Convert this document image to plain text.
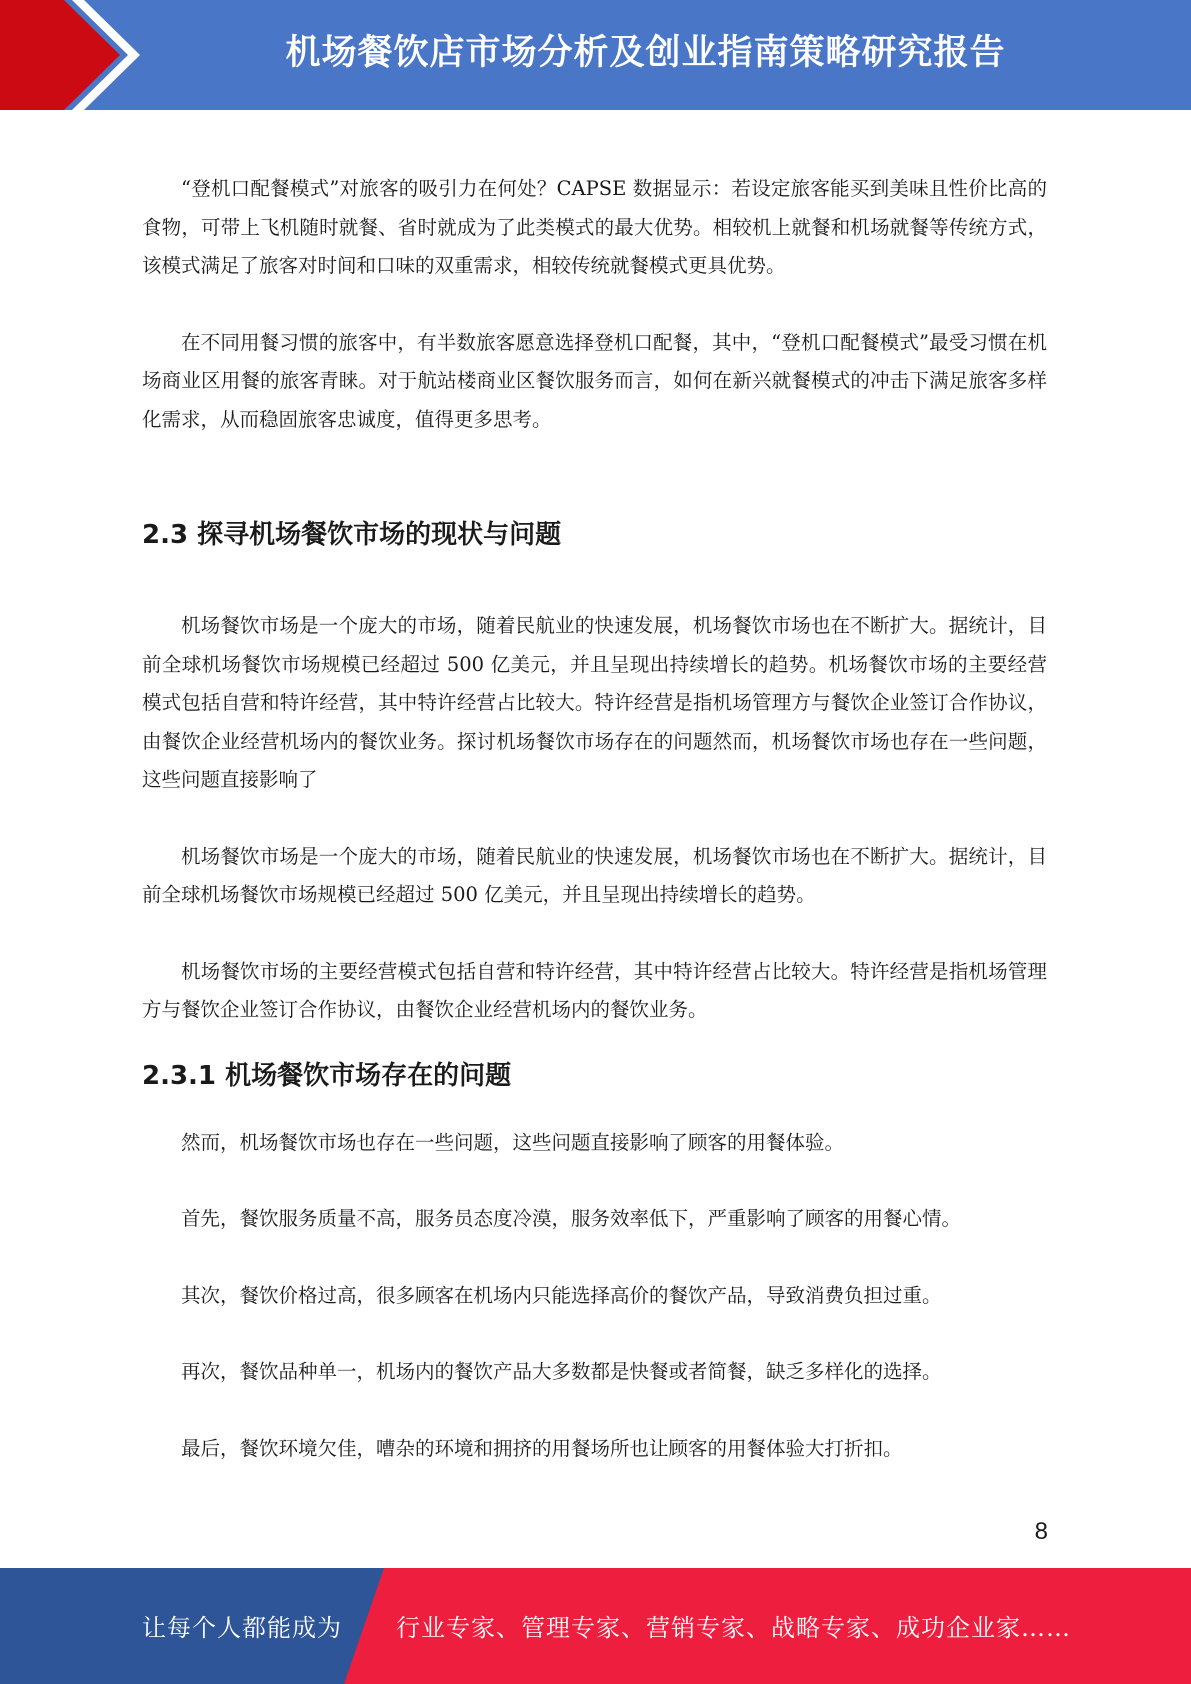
机场餐饮店市场分析及创业指南策略研究报告

“登机口配餐模式”对旅客的吸引力在何处？CAPSE 数据显示：若设定旅客能买到美味且性价比高的食物，可带上飞机随时就餐、省时就成为了此类模式的最大优势。相较机上就餐和机场就餐等传统方式，该模式满足了旅客对时间和口味的双重需求，相较传统就餐模式更具优势。

在不同用餐习惯的旅客中，有半数旅客愿意选择登机口配餐，其中，“登机口配餐模式”最受习惯在机场商业区用餐的旅客青睐。对于航站楼商业区餐饮服务而言，如何在新兴就餐模式的冲击下满足旅客多样化需求，从而稳固旅客忠诚度，值得更多思考。

2.3 探寻机场餐饮市场的现状与问题

机场餐饮市场是一个庞大的市场，随着民航业的快速发展，机场餐饮市场也在不断扩大。据统计，目前全球机场餐饮市场规模已经超过 500 亿美元，并且呈现出持续增长的趋势。机场餐饮市场的主要经营模式包括自营和特许经营，其中特许经营占比较大。特许经营是指机场管理方与餐饮企业签订合作协议，由餐饮企业经营机场内的餐饮业务。探讨机场餐饮市场存在的问题然而，机场餐饮市场也存在一些问题，这些问题直接影响了

机场餐饮市场是一个庞大的市场，随着民航业的快速发展，机场餐饮市场也在不断扩大。据统计，目前全球机场餐饮市场规模已经超过 500 亿美元，并且呈现出持续增长的趋势。

机场餐饮市场的主要经营模式包括自营和特许经营，其中特许经营占比较大。特许经营是指机场管理方与餐饮企业签订合作协议，由餐饮企业经营机场内的餐饮业务。

2.3.1 机场餐饮市场存在的问题

然而，机场餐饮市场也存在一些问题，这些问题直接影响了顾客的用餐体验。

首先，餐饮服务质量不高，服务员态度冷漠，服务效率低下，严重影响了顾客的用餐心情。

其次，餐饮价格过高，很多顾客在机场内只能选择高价的餐饮产品，导致消费负担过重。

再次，餐饮品种单一，机场内的餐饮产品大多数都是快餐或者简餐，缺乏多样化的选择。

最后，餐饮环境欠佳，嘈杂的环境和拥挤的用餐场所也让顾客的用餐体验大打折扣。

8
让每个人都能成为 行业专家、管理专家、营销专家、战略专家、成功企业家……
